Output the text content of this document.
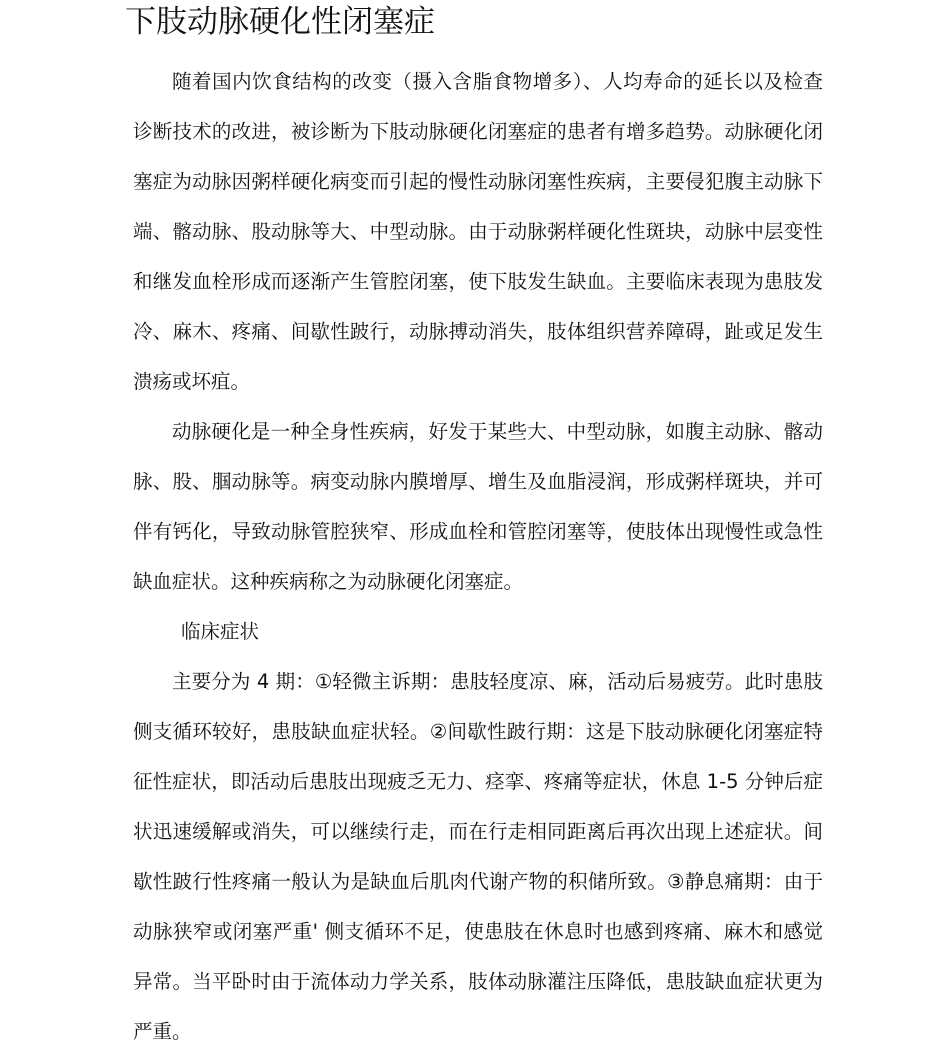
下肢动脉硬化性闭塞症

随着国内饮食结构的改变（摄入含脂食物增多）、人均寿命的延长以及检查诊断技术的改进，被诊断为下肢动脉硬化闭塞症的患者有增多趋势。动脉硬化闭塞症为动脉因粥样硬化病变而引起的慢性动脉闭塞性疾病，主要侵犯腹主动脉下端、髂动脉、股动脉等大、中型动脉。由于动脉粥样硬化性斑块，动脉中层变性和继发血栓形成而逐渐产生管腔闭塞，使下肢发生缺血。主要临床表现为患肢发冷、麻木、疼痛、间歇性跛行，动脉搏动消失，肢体组织营养障碍，趾或足发生溃疡或坏疽。

动脉硬化是一种全身性疾病，好发于某些大、中型动脉，如腹主动脉、髂动脉、股、腘动脉等。病变动脉内膜增厚、增生及血脂浸润，形成粥样斑块，并可伴有钙化，导致动脉管腔狭窄、形成血栓和管腔闭塞等，使肢体出现慢性或急性缺血症状。这种疾病称之为动脉硬化闭塞症。

临床症状

主要分为 4 期：①轻微主诉期：患肢轻度凉、麻，活动后易疲劳。此时患肢侧支循环较好，患肢缺血症状轻。②间歇性跛行期：这是下肢动脉硬化闭塞症特征性症状，即活动后患肢出现疲乏无力、痉挛、疼痛等症状，休息 1-5 分钟后症状迅速缓解或消失，可以继续行走，而在行走相同距离后再次出现上述症状。间歇性跛行性疼痛一般认为是缺血后肌肉代谢产物的积储所致。③静息痛期：由于动脉狭窄或闭塞严重' 侧支循环不足，使患肢在休息时也感到疼痛、麻木和感觉异常。当平卧时由于流体动力学关系，肢体动脉灌注压降低，患肢缺血症状更为严重。
